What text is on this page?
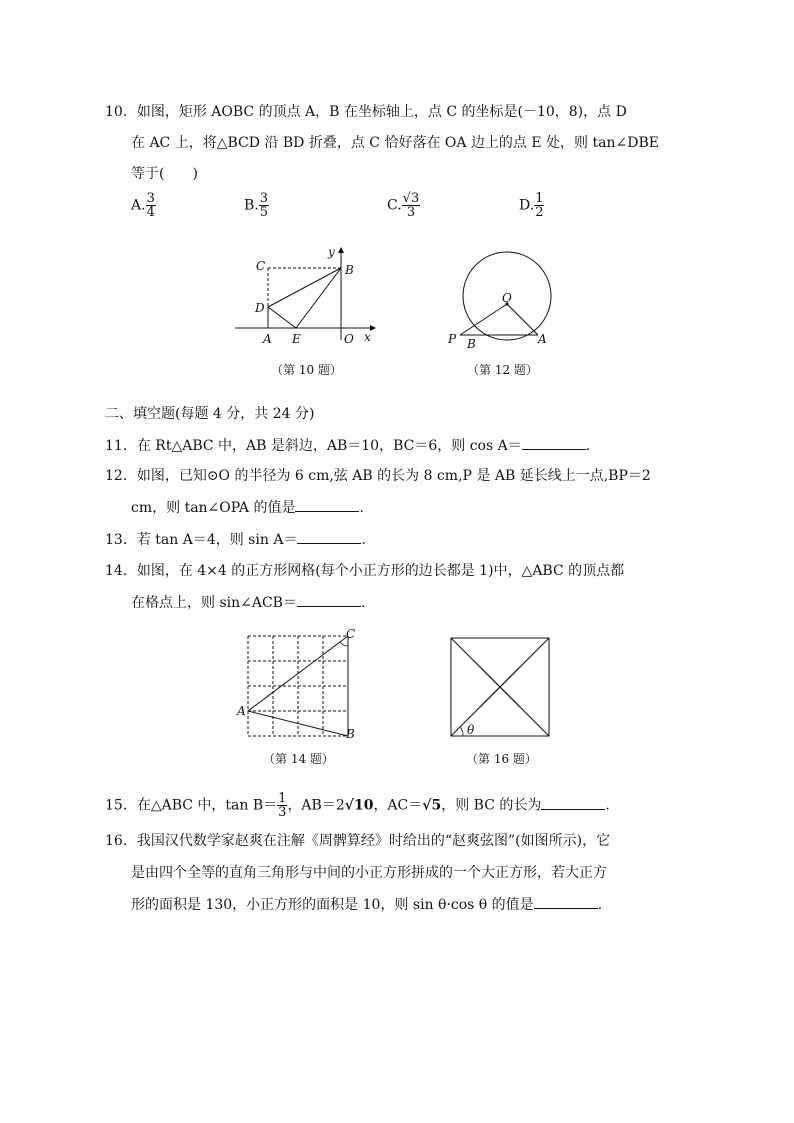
10．如图，矩形 AOBC 的顶点 A，B 在坐标轴上，点 C 的坐标是(－10，8)，点 D
在 AC 上，将△BCD 沿 BD 折叠，点 C 恰好落在 OA 边上的点 E 处，则 tan∠DBE
等于(　　)
A. $\frac{3}{4}$	B. $\frac{3}{5}$	C. $\frac{√3}{3}$	D. $\frac{1}{2}$
C
y
B
D
A E	O x
（第 10 题）
O
P B	A
（第 12 题）
二、填空题(每题 4 分，共 24 分)
11．在 Rt△ABC 中，AB 是斜边，AB＝10，BC＝6，则 cos A＝	.
12．如图，已知⊙O 的半径为 6 cm,弦 AB 的长为 8 cm,P 是 AB 延长线上一点,BP＝2
cm，则 tan∠OPA 的值是	.
13．若 tan A＝4，则 sin A＝	.
14．如图，在 4×4 的正方形网格(每个小正方形的边长都是 1)中，△ABC 的顶点都
在格点上，则 sin∠ACB＝	.
C
A
B
（第 14 题）
θ
（第 16 题）
15．在△ABC 中，$\tan B= \frac{1}{3}$ ，AB＝2√10，AC＝√5，则 BC 的长为	.
16．我国汉代数学家赵爽在注解《周髀算经》时给出的“赵爽弦图”(如图所示)，它
是由四个全等的直角三角形与中间的小正方形拼成的一个大正方形，若大正方
形的面积是 130，小正方形的面积是 10，则 sin θ·cos θ 的值是	.
